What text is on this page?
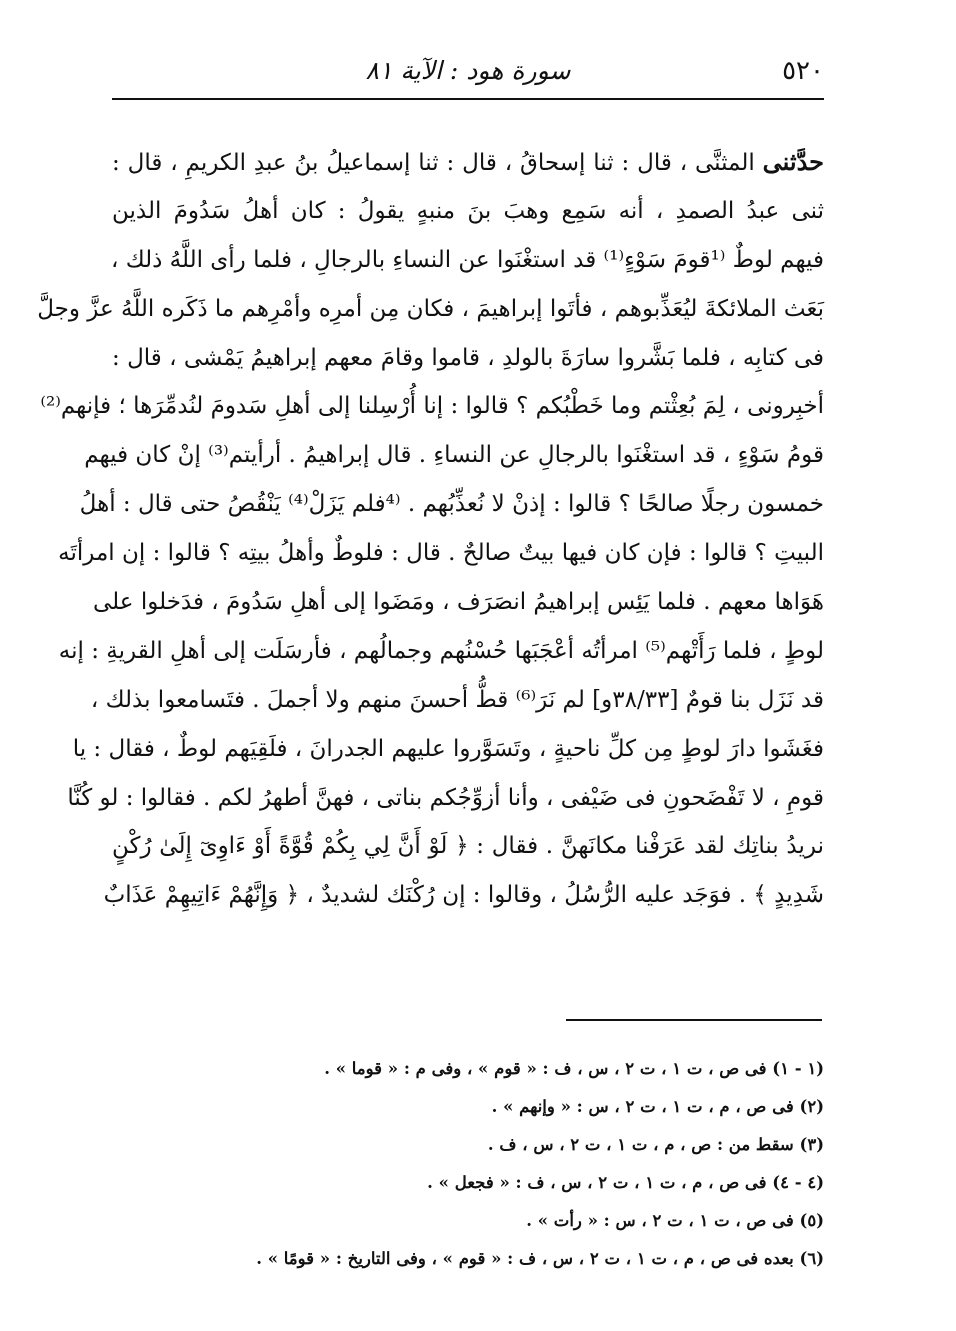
٥٢٠
سورة هود : الآية ٨١
حدَّثنى المثنَّى ، قال : ثنا إسحاقُ ، قال : ثنا إسماعيلُ بنُ عبدِ الكريمِ ، قال :
ثنى عبدُ الصمدِ ، أنه سَمِع وهبَ بنَ منبهٍ يقولُ : كان أهلُ سَدُومَ الذين
فيهم لوطٌ ⁽¹قومَ سَوْءٍ⁽¹⁾ قد استغْنَوا عن النساءِ بالرجالِ ، فلما رأى اللَّهُ ذلك ،
بَعَث الملائكةَ ليُعَذِّبوهم ، فأتَوا إبراهيمَ ، فكان مِن أمرِه وأمْرِهم ما ذَكَره اللَّهُ عزَّ وجلَّ
فى كتابِه ، فلما بَشَّروا سارَةَ بالولدِ ، قاموا وقامَ معهم إبراهيمُ يَمْشى ، قال :
أخبِرونى ، لِمَ بُعِثْتم وما خَطْبُكم ؟ قالوا : إنا أُرْسِلنا إلى أهلِ سَدومَ لنُدمِّرَها ؛ فإنهم⁽²⁾
قومُ سَوْءٍ ، قد استغْنَوا بالرجالِ عن النساءِ . قال إبراهيمُ . أرأيتم⁽³⁾ إنْ كان فيهم
خمسون رجلًا صالحًا ؟ قالوا : إذنْ لا نُعذِّبُهم . ⁽⁴فلم يَزَلْ⁽⁴⁾ يَنْقُصُ حتى قال : أهلُ
البيتِ ؟ قالوا : فإن كان فيها بيتٌ صالحٌ . قال : فلوطٌ وأهلُ بيتِه ؟ قالوا : إن امرأتَه
هَوَاها معهم . فلما يَئِس إبراهيمُ انصَرَف ، ومَضَوا إلى أهلِ سَدُومَ ، فدَخلوا على
لوطٍ ، فلما رَأَتْهم⁽⁵⁾ امرأتُه أعْجَبَها حُسْنُهم وجمالُهم ، فأرسَلَت إلى أهلِ القريةِ : إنه
قد نَزَل بنا قومٌ [٣٨/٣٣و] لم نَرَ⁽⁶⁾ قطُّ أحسنَ منهم ولا أجملَ . فتَسامعوا بذلك ،
فغَشَوا دارَ لوطٍ مِن كلِّ ناحيةٍ ، وتَسَوَّروا عليهم الجدرانَ ، فلَقِيَهم لوطٌ ، فقال : يا
قومِ ، لا تَفْضَحونِ فى ضَيْفى ، وأنا أزوِّجُكم بناتى ، فهنَّ أطهرُ لكم . فقالوا : لو كُنَّا
نريدُ بناتِك لقد عَرَفْنا مكانَهنَّ . فقال : ﴿ لَوْ أَنَّ لِي بِكُمْ قُوَّةً أَوْ ءَاوِىٓ إِلَىٰ رُكْنٍ
شَدِيدٍ ﴾ . فوَجَد عليه الرُّسُلُ ، وقالوا : إن رُكْنَك لشديدٌ ، ﴿ وَإِنَّهُمْ ءَاتِيهِمْ عَذَابٌ
(١ - ١) فى ص ، ت ١ ، ت ٢ ، س ، ف : « قوم » ، وفى م : « قوما » .
(٢) فى ص ، م ، ت ١ ، ت ٢ ، س : « وإنهم » .
(٣) سقط من : ص ، م ، ت ١ ، ت ٢ ، س ، ف .
(٤ - ٤) فى ص ، م ، ت ١ ، ت ٢ ، س ، ف : « فجعل » .
(٥) فى ص ، ت ١ ، ت ٢ ، س : « رأت » .
(٦) بعده فى ص ، م ، ت ١ ، ت ٢ ، س ، ف : « قوم » ، وفى التاريخ : « قومًا » .
